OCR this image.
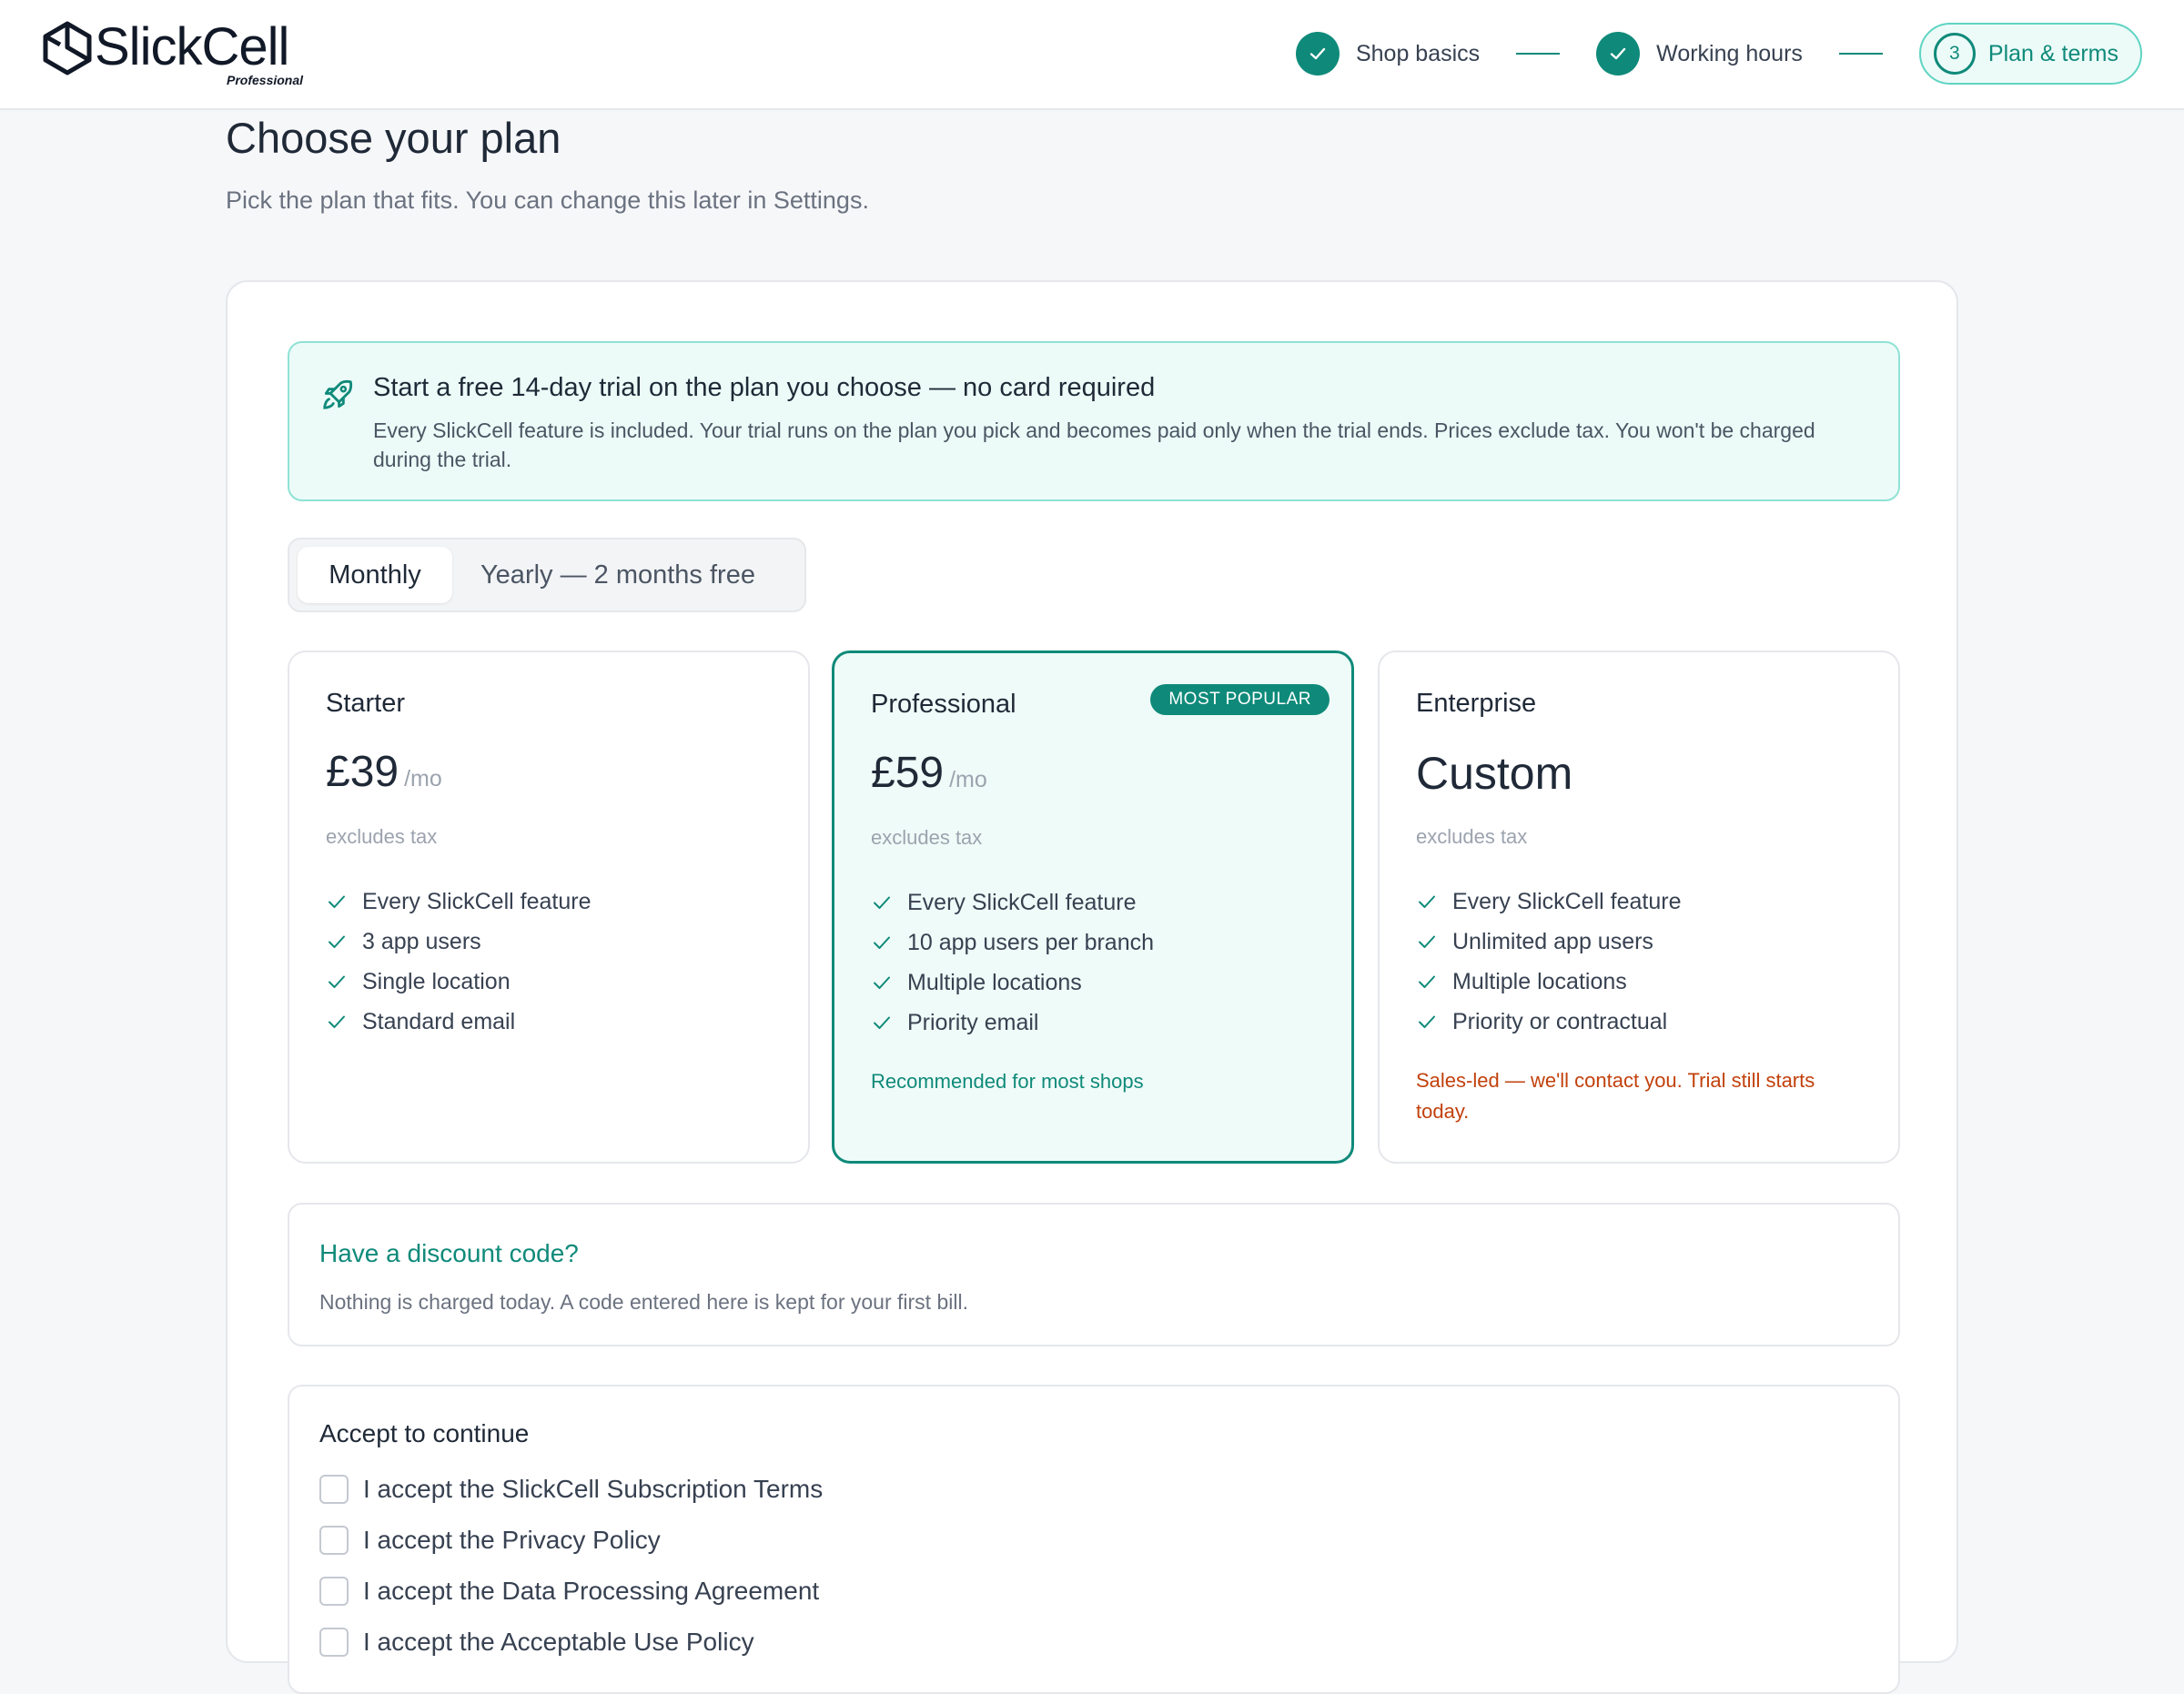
SlickCell
Professional
Shop basics	Working hours	3	Plan & terms
Choose your plan

Pick the plan that fits. You can change this later in Settings.

Start a free 14-day trial on the plan you choose — no card required
Every SlickCell feature is included. Your trial runs on the plan you pick and becomes paid only when the trial ends. Prices exclude tax. You won't be charged during the trial.
Monthly	Yearly — 2 months free
Starter
£39 /mo
excludes tax
Every SlickCell feature
3 app users
Single location
Standard email
MOST POPULAR
Professional
£59 /mo
excludes tax
Every SlickCell feature
10 app users per branch
Multiple locations
Priority email
Recommended for most shops
Enterprise
Custom
excludes tax
Every SlickCell feature
Unlimited app users
Multiple locations
Priority or contractual
Sales-led — we'll contact you. Trial still starts today.
Have a discount code?
Nothing is charged today. A code entered here is kept for your first bill.
Accept to continue
I accept the SlickCell Subscription Terms
I accept the Privacy Policy
I accept the Data Processing Agreement
I accept the Acceptable Use Policy
